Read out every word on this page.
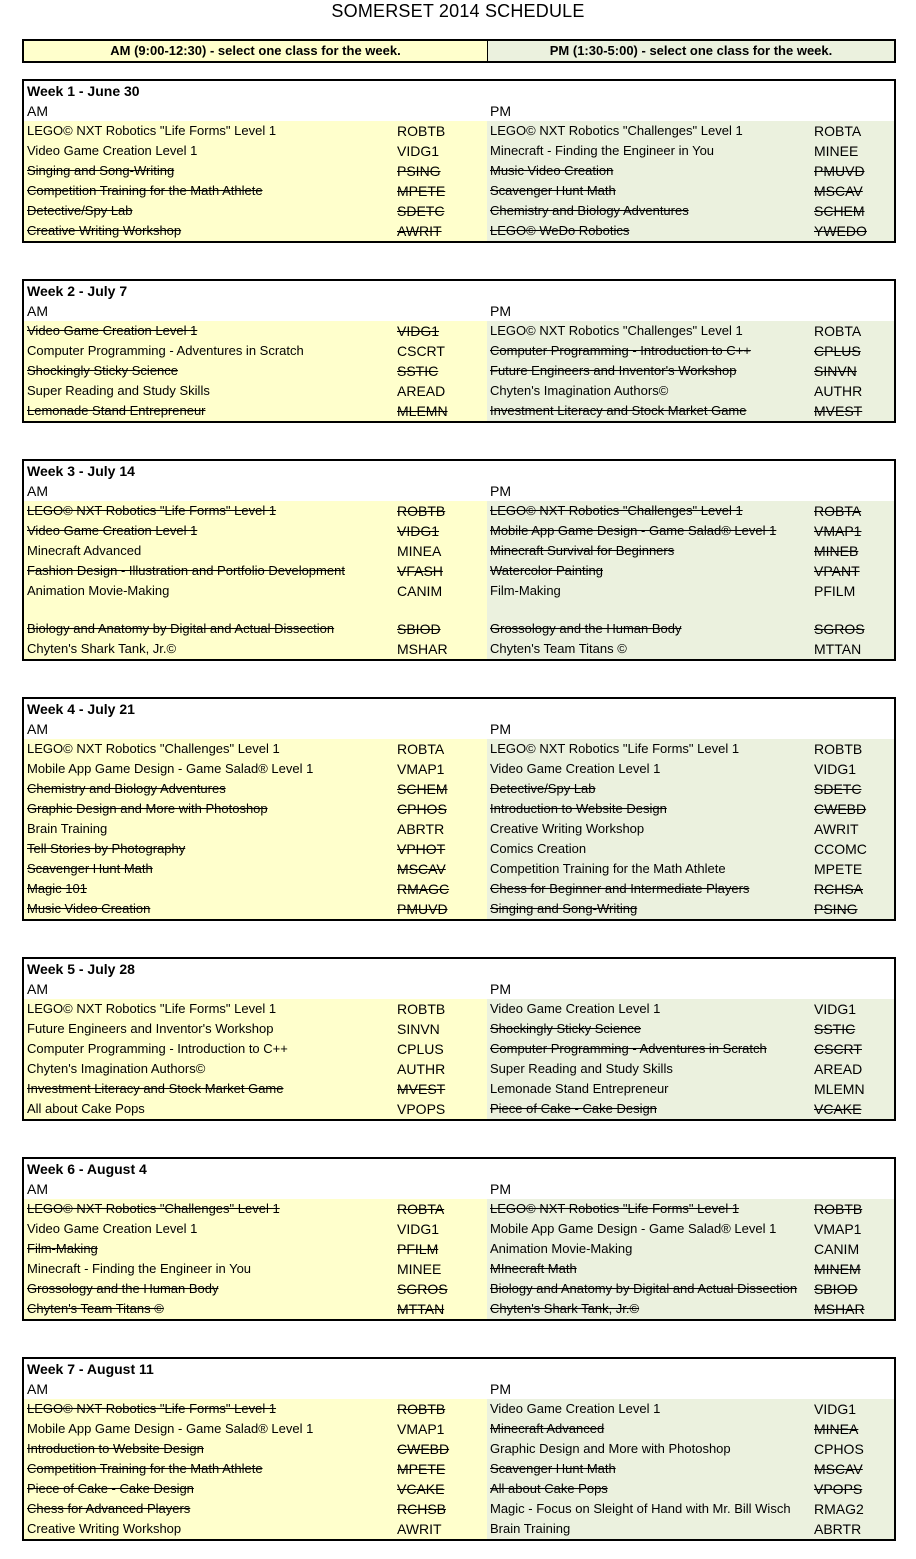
SOMERSET 2014 SCHEDULE
AM (9:00-12:30) - select one class for the week.	PM (1:30-5:00) - select one class for the week.
Week 1 - June 30
AM	PM
LEGO© NXT Robotics "Life Forms" Level 1	ROBTB	LEGO© NXT Robotics "Challenges" Level 1	ROBTA
Video Game Creation Level 1	VIDG1	Minecraft - Finding the Engineer in You	MINEE
Singing and Song-Writing	PSING	Music Video Creation	PMUVD
Competition Training for the Math Athlete	MPETE	Scavenger Hunt Math	MSCAV
Detective/Spy Lab	SDETC	Chemistry and Biology Adventures	SCHEM
Creative Writing Workshop	AWRIT	LEGO© WeDo Robotics	YWEDO
Week 2 - July 7
AM	PM
Video Game Creation Level 1	VIDG1	LEGO© NXT Robotics "Challenges" Level 1	ROBTA
Computer Programming - Adventures in Scratch	CSCRT	Computer Programming - Introduction to C++	CPLUS
Shockingly Sticky Science	SSTIC	Future Engineers and Inventor's Workshop	SINVN
Super Reading and Study Skills	AREAD	Chyten's Imagination Authors©	AUTHR
Lemonade Stand Entrepreneur	MLEMN	Investment Literacy and Stock Market Game	MVEST
Week 3 - July 14
AM	PM
LEGO© NXT Robotics "Life Forms" Level 1	ROBTB	LEGO© NXT Robotics "Challenges" Level 1	ROBTA
Video Game Creation Level 1	VIDG1	Mobile App Game Design - Game Salad® Level 1	VMAP1
Minecraft Advanced	MINEA	Minecraft Survival for Beginners	MINEB
Fashion Design - Illustration and Portfolio Development	VFASH	Watercolor Painting	VPANT
Animation Movie-Making	CANIM	Film-Making	PFILM
Biology and Anatomy by Digital and Actual Dissection	SBIOD	Grossology and the Human Body	SGROS
Chyten's Shark Tank, Jr.©	MSHAR	Chyten's Team Titans ©	MTTAN
Week 4 - July 21
AM	PM
LEGO© NXT Robotics "Challenges" Level 1	ROBTA	LEGO© NXT Robotics "Life Forms" Level 1	ROBTB
Mobile App Game Design - Game Salad® Level 1	VMAP1	Video Game Creation Level 1	VIDG1
Chemistry and Biology Adventures	SCHEM	Detective/Spy Lab	SDETC
Graphic Design and More with Photoshop	CPHOS	Introduction to Website Design	CWEBD
Brain Training	ABRTR	Creative Writing Workshop	AWRIT
Tell Stories by Photography	VPHOT	Comics Creation	CCOMC
Scavenger Hunt Math	MSCAV	Competition Training for the Math Athlete	MPETE
Magic 101	RMAGC	Chess for Beginner and Intermediate Players	RCHSA
Music Video Creation	PMUVD	Singing and Song-Writing	PSING
Week 5 - July 28
AM	PM
LEGO© NXT Robotics "Life Forms" Level 1	ROBTB	Video Game Creation Level 1	VIDG1
Future Engineers and Inventor's Workshop	SINVN	Shockingly Sticky Science	SSTIC
Computer Programming - Introduction to C++	CPLUS	Computer Programming - Adventures in Scratch	CSCRT
Chyten's Imagination Authors©	AUTHR	Super Reading and Study Skills	AREAD
Investment Literacy and Stock Market Game	MVEST	Lemonade Stand Entrepreneur	MLEMN
All about Cake Pops	VPOPS	Piece of Cake - Cake Design	VCAKE
Week 6 - August 4
AM	PM
LEGO© NXT Robotics "Challenges" Level 1	ROBTA	LEGO© NXT Robotics "Life Forms" Level 1	ROBTB
Video Game Creation Level 1	VIDG1	Mobile App Game Design - Game Salad® Level 1	VMAP1
Film-Making	PFILM	Animation Movie-Making	CANIM
Minecraft - Finding the Engineer in You	MINEE	MInecraft Math	MINEM
Grossology and the Human Body	SGROS	Biology and Anatomy by Digital and Actual Dissection	SBIOD
Chyten's Team Titans ©	MTTAN	Chyten's Shark Tank, Jr.©	MSHAR
Week 7 - August 11
AM	PM
LEGO© NXT Robotics "Life Forms" Level 1	ROBTB	Video Game Creation Level 1	VIDG1
Mobile App Game Design - Game Salad® Level 1	VMAP1	Minecraft Advanced	MINEA
Introduction to Website Design	CWEBD	Graphic Design and More with Photoshop	CPHOS
Competition Training for the Math Athlete	MPETE	Scavenger Hunt Math	MSCAV
Piece of Cake - Cake Design	VCAKE	All about Cake Pops	VPOPS
Chess for Advanced Players	RCHSB	Magic - Focus on Sleight of Hand with Mr. Bill Wisch	RMAG2
Creative Writing Workshop	AWRIT	Brain Training	ABRTR
